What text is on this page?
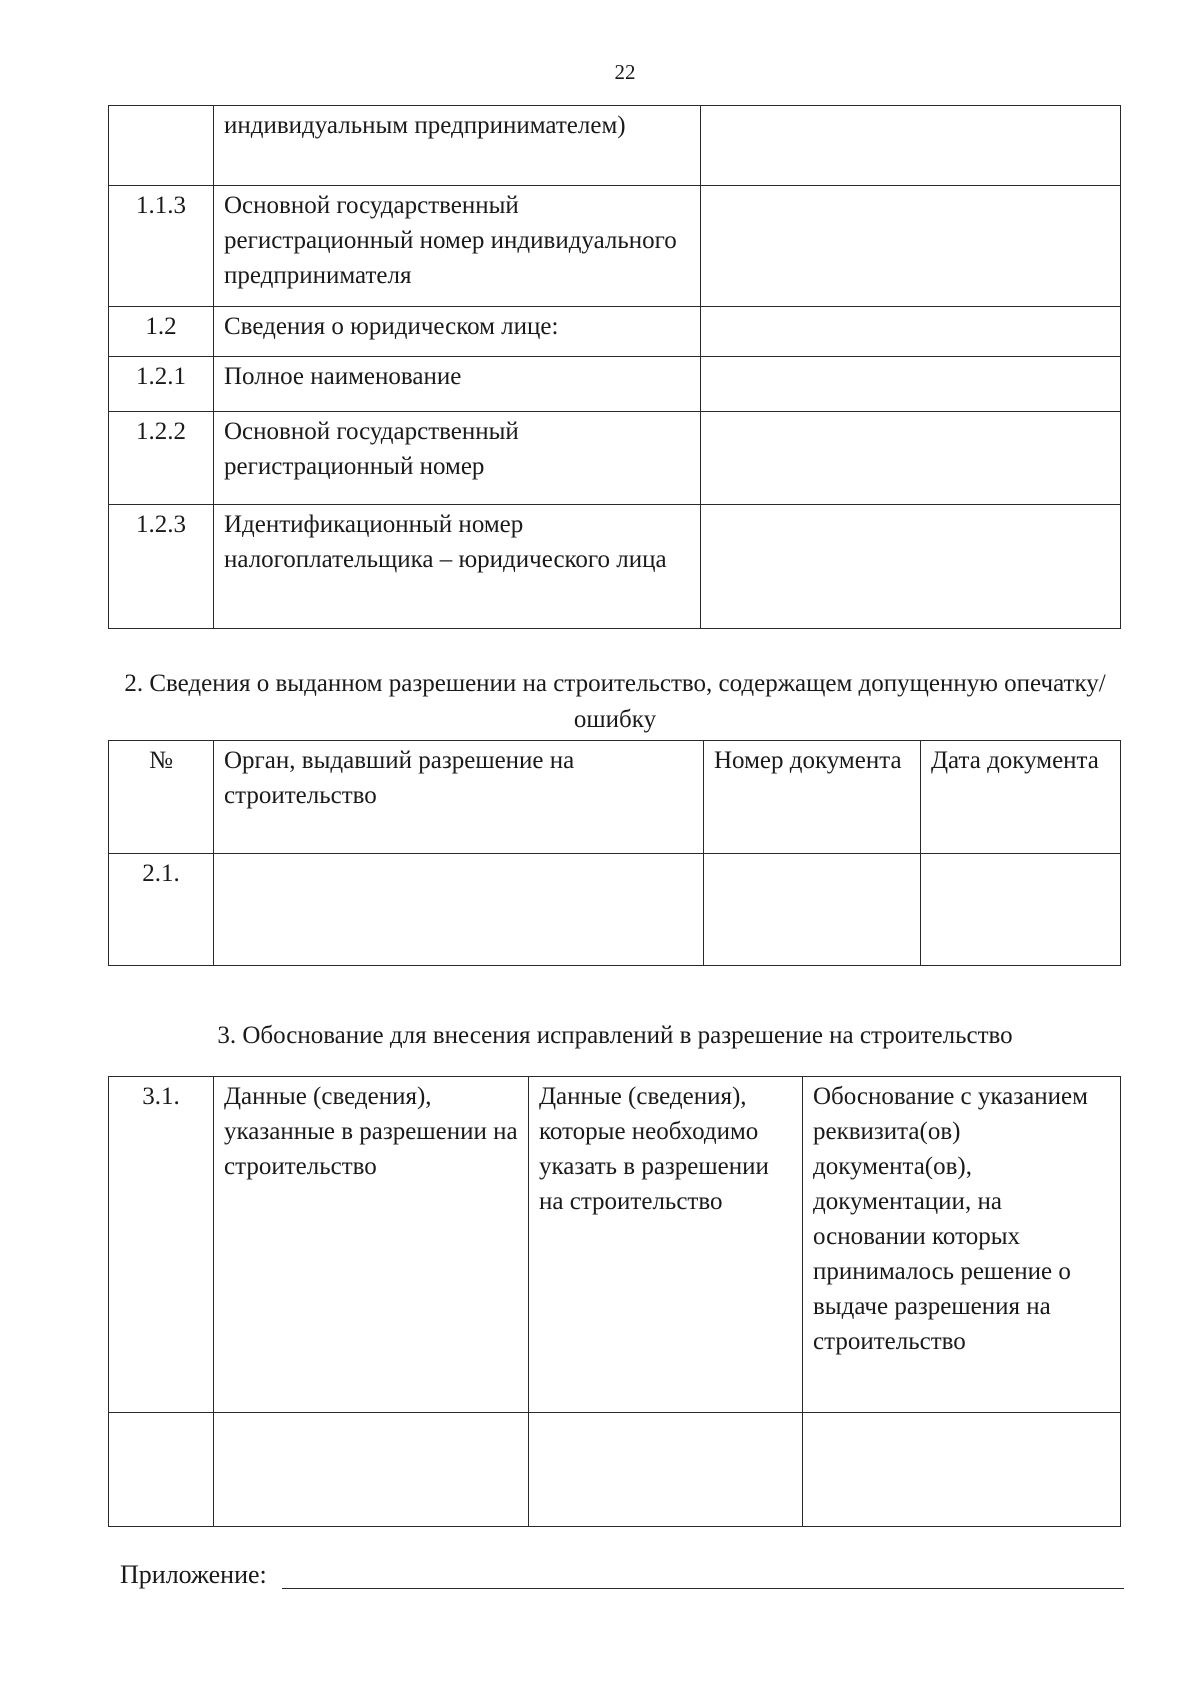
22
	индивидуальным предпринимателем)	
1.1.3	Основной государственный регистрационный номер индивидуального предпринимателя	
1.2	Сведения о юридическом лице:	
1.2.1	Полное наименование	
1.2.2	Основной государственный регистрационный номер	
1.2.3	Идентификационный номер налогоплательщика – юридического лица	
2. Сведения о выданном разрешении на строительство, содержащем допущенную опечатку/ ошибку
№	Орган, выдавший разрешение на строительство	Номер документа	Дата документа
2.1.			
3. Обоснование для внесения исправлений в разрешение на строительство
3.1.	Данные (сведения), указанные в разрешении на строительство	Данные (сведения), которые необходимо указать в разрешении на строительство	Обоснование с указанием реквизита(ов) документа(ов), документации, на основании которых принималось решение о выдаче разрешения на строительство

Приложение:
